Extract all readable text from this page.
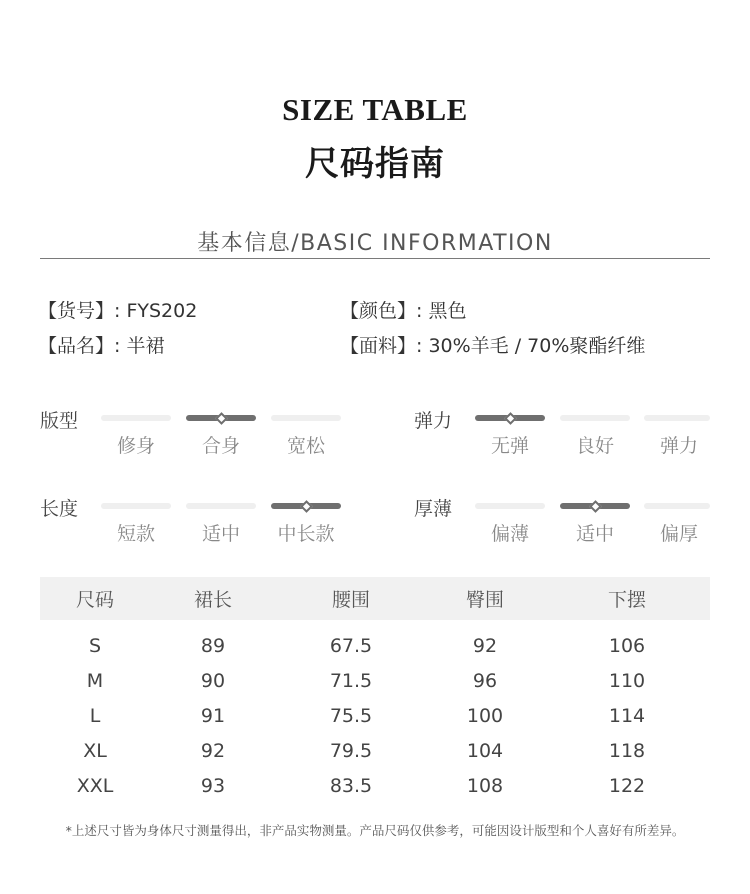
SIZE TABLE
尺码指南
基本信息/BASIC INFORMATION
【货号】: FYS202	【颜色】: 黑色
【品名】: 半裙	【面料】: 30%羊毛 / 70%聚酯纤维
版型
修身	合身	宽松
弹力
无弹	良好	弹力
长度
短款	适中	中长款
厚薄
偏薄	适中	偏厚
尺码	裙长	腰围	臀围	下摆
S	89	67.5	92	106
M	90	71.5	96	110
L	91	75.5	100	114
XL	92	79.5	104	118
XXL	93	83.5	108	122
*上述尺寸皆为身体尺寸测量得出，非产品实物测量。产品尺码仅供参考，可能因设计版型和个人喜好有所差异。
